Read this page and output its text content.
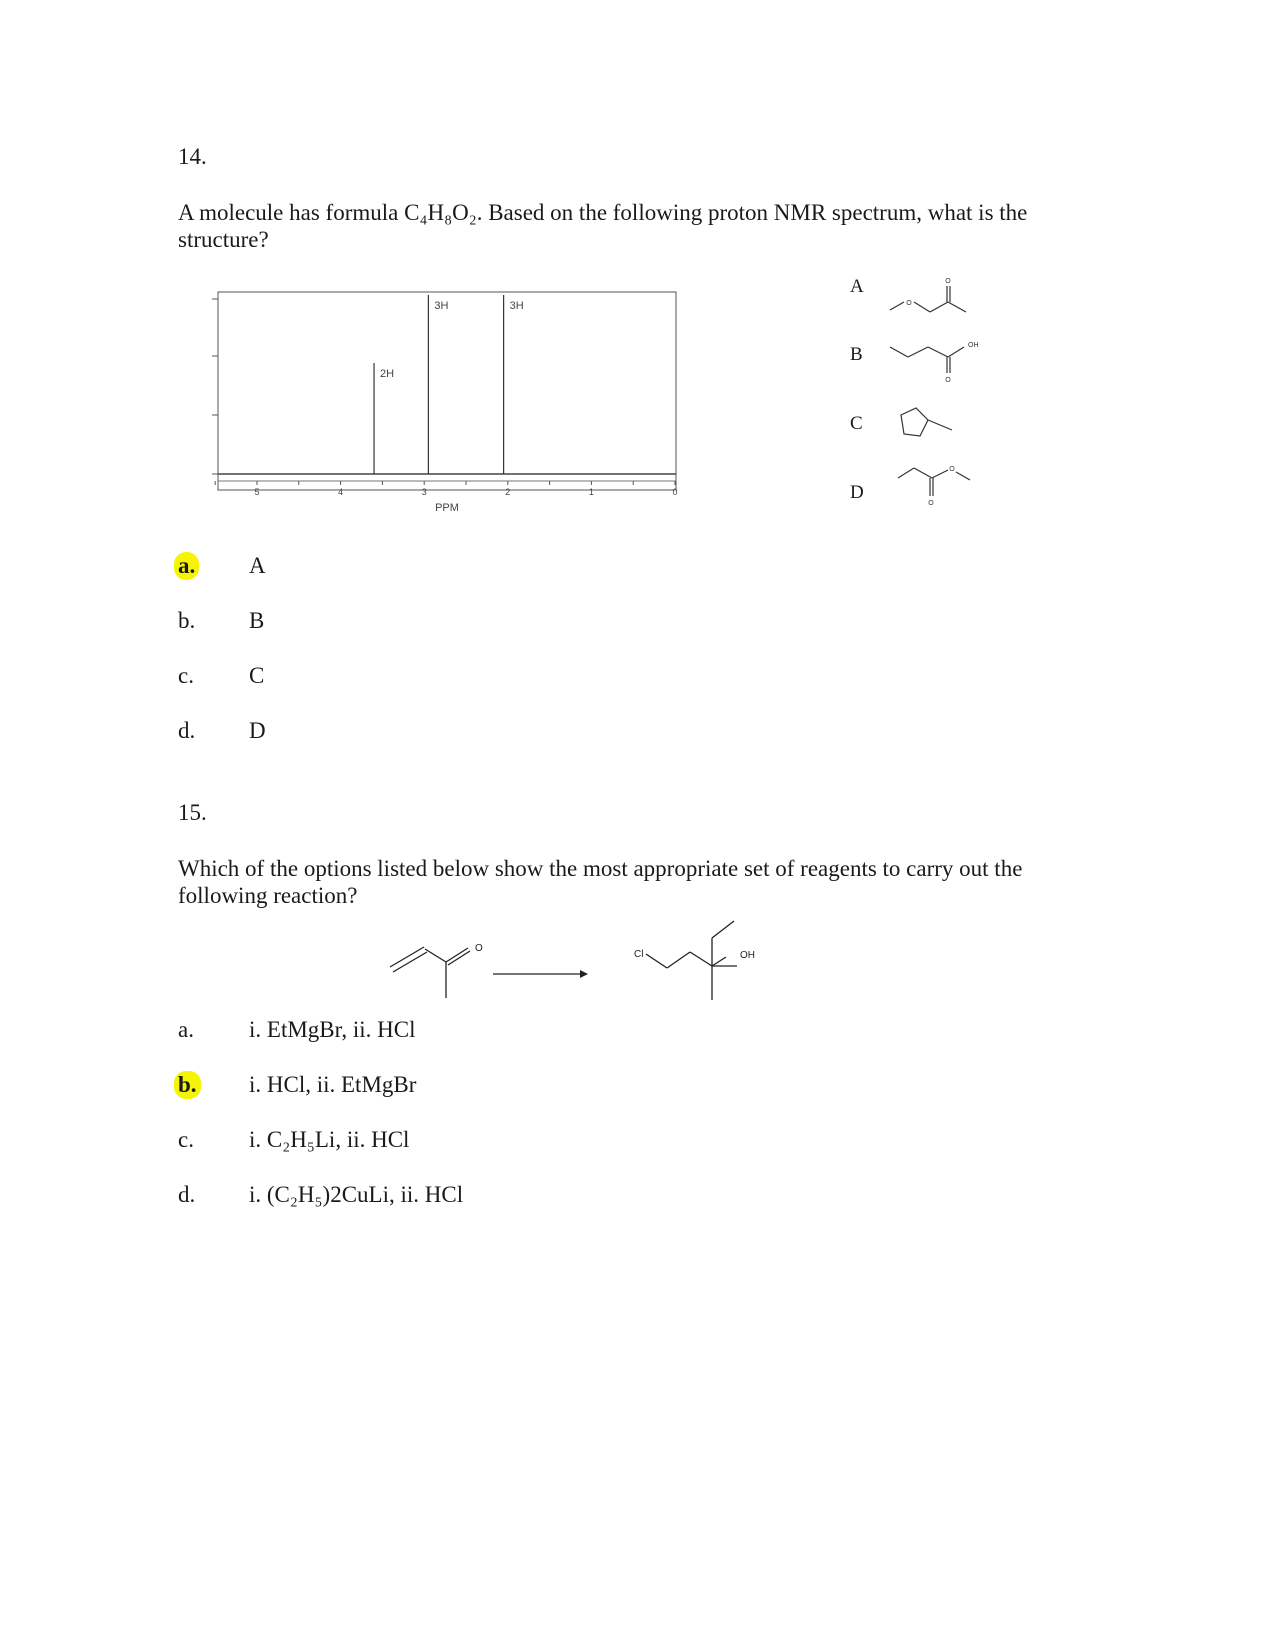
14.
A molecule has formula C₄H₈O₂. Based on the following proton NMR spectrum, what is the structure?
5	4	3	2	1	0
2H
3H	3H
PPM
A
B
C
D
O
O
OH
O
O
O
a. A
b. B
c. C
d. D
15.
Which of the options listed below show the most appropriate set of reagents to carry out the following reaction?
O
Cl	OH
a. i. EtMgBr, ii. HCl
b. i. HCl, ii. EtMgBr
c. i. C₂H₅Li, ii. HCl
d. i. (C₂H₅)2CuLi, ii. HCl
